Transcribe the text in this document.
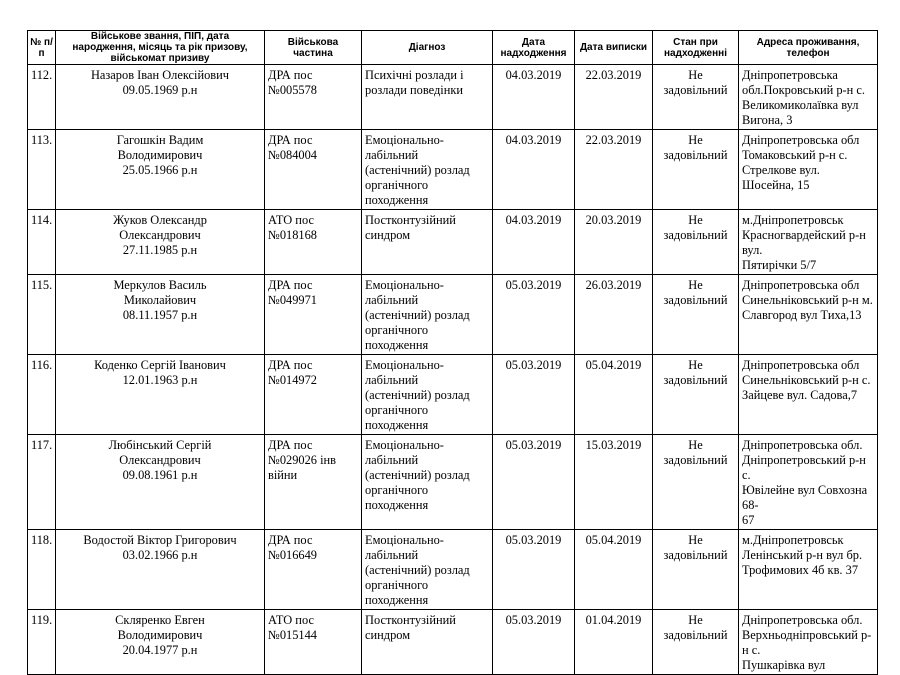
№ п/п	Військове звання, ПІП, дата народження, місяць та рік призову, військомат призиву	Військова частина	Діагноз	Дата надходження	Дата виписки	Стан при надходженні	Адреса проживання, телефон
112.	Назаров Іван Олексійович
09.05.1969 р.н	ДРА пос
№005578	Психічні розлади і
розлади поведінки	04.03.2019	22.03.2019	Не
задовільний	Дніпропетровська
обл.Покровський р-н с.
Великомиколаївка вул
Вигона, 3
113.	Гагошкін Вадим
Володимирович
25.05.1966 р.н	ДРА пос
№084004	Емоціонально-
лабільний
(астенічний) розлад
органічного
походження	04.03.2019	22.03.2019	Не
задовільний	Дніпропетровська обл
Томаковський р-н с.
Стрелкове вул. Шосейна, 15
114.	Жуков Олександр
Олександрович
27.11.1985 р.н	АТО пос
№018168	Постконтузійний
синдром	04.03.2019	20.03.2019	Не
задовільний	м.Дніпропетровськ
Красногвардейский р-н вул.
Пятирічки 5/7
115.	Меркулов Василь
Миколайович
08.11.1957 р.н	ДРА пос
№049971	Емоціонально-
лабільний
(астенічний) розлад
органічного
походження	05.03.2019	26.03.2019	Не
задовільний	Дніпропетровська обл
Синельніковський р-н м.
Славгород вул Тиха,13
116.	Коденко Сергій Іванович
12.01.1963 р.н	ДРА пос
№014972	Емоціонально-
лабільний
(астенічний) розлад
органічного
походження	05.03.2019	05.04.2019	Не
задовільний	Дніпропетровська обл
Синельніковський р-н с.
Зайцеве вул. Садова,7
117.	Любінський Сергій
Олександрович
09.08.1961 р.н	ДРА пос
№029026 інв
війни	Емоціонально-
лабільний
(астенічний) розлад
органічного
походження	05.03.2019	15.03.2019	Не
задовільний	Дніпропетровська обл.
Дніпропетровський р-н с.
Ювілейне вул Совхозна 68-
67
118.	Водостой Віктор Григорович
03.02.1966 р.н	ДРА пос
№016649	Емоціонально-
лабільний
(астенічний) розлад
органічного
походження	05.03.2019	05.04.2019	Не
задовільний	м.Дніпропетровськ
Ленінський р-н вул бр.
Трофимових 4б кв. 37
119.	Скляренко Евген
Володимирович
20.04.1977 р.н	АТО пос
№015144	Постконтузійний
синдром	05.03.2019	01.04.2019	Не
задовільний	Дніпропетровська обл.
Верхньодніпровський р-н с.
Пушкарівка вул
